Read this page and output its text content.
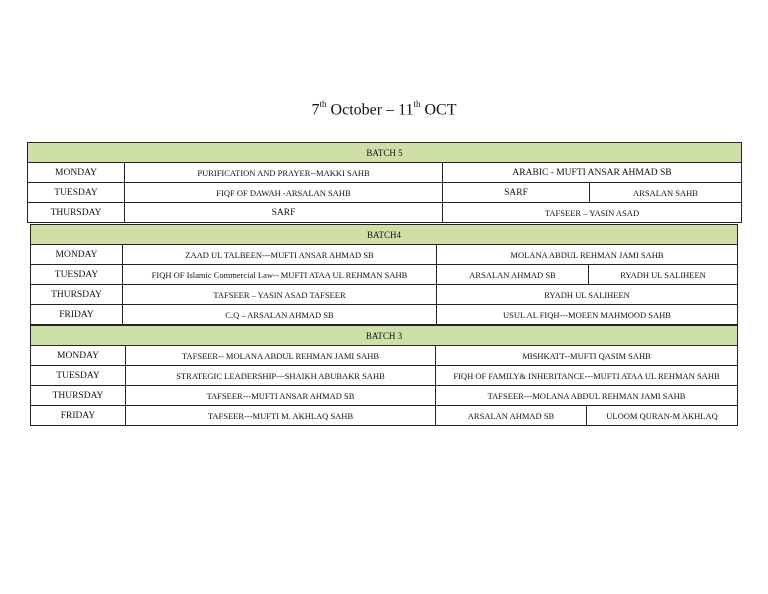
7th October – 11th OCT
BATCH 5			
MONDAY	PURIFICATION AND PRAYER--MAKKI SAHB	ARABIC - MUFTI ANSAR AHMAD SB	
TUESDAY	FIQF OF DAWAH -ARSALAN SAHB	SARF	ARSALAN SAHB
THURSDAY	SARF	TAFSEER – YASIN ASAD	
BATCH4			
MONDAY	ZAAD UL TALBEEN---MUFTI ANSAR AHMAD SB	MOLANA ABDUL REHMAN JAMI SAHB	
TUESDAY	FIQH OF Islamic Commercial Law-- MUFTI ATAA UL REHMAN SAHB	ARSALAN AHMAD SB	RYADH UL SALIHEEN
THURSDAY	TAFSEER – YASIN ASAD TAFSEER	RYADH UL SALIHEEN	
FRIDAY	C.Q – ARSALAN AHMAD SB	USUL AL FIQH---MOEEN MAHMOOD SAHB	
BATCH 3			
MONDAY	TAFSEER-- MOLANA ABDUL REHMAN JAMI SAHB	MISHKATT--MUFTI QASIM SAHB	
TUESDAY	STRATEGIC LEADERSHIP---SHAIKH ABUBAKR SAHB	FIQH OF FAMILY& INHERITANCE---MUFTI ATAA UL REHMAN SAHB	
THURSDAY	TAFSEER---MUFTI ANSAR AHMAD SB	TAFSEER---MOLANA ABDUL REHMAN JAMI SAHB	
FRIDAY	TAFSEER---MUFTI M. AKHLAQ SAHB	ARSALAN AHMAD SB	ULOOM QURAN-M AKHLAQ
